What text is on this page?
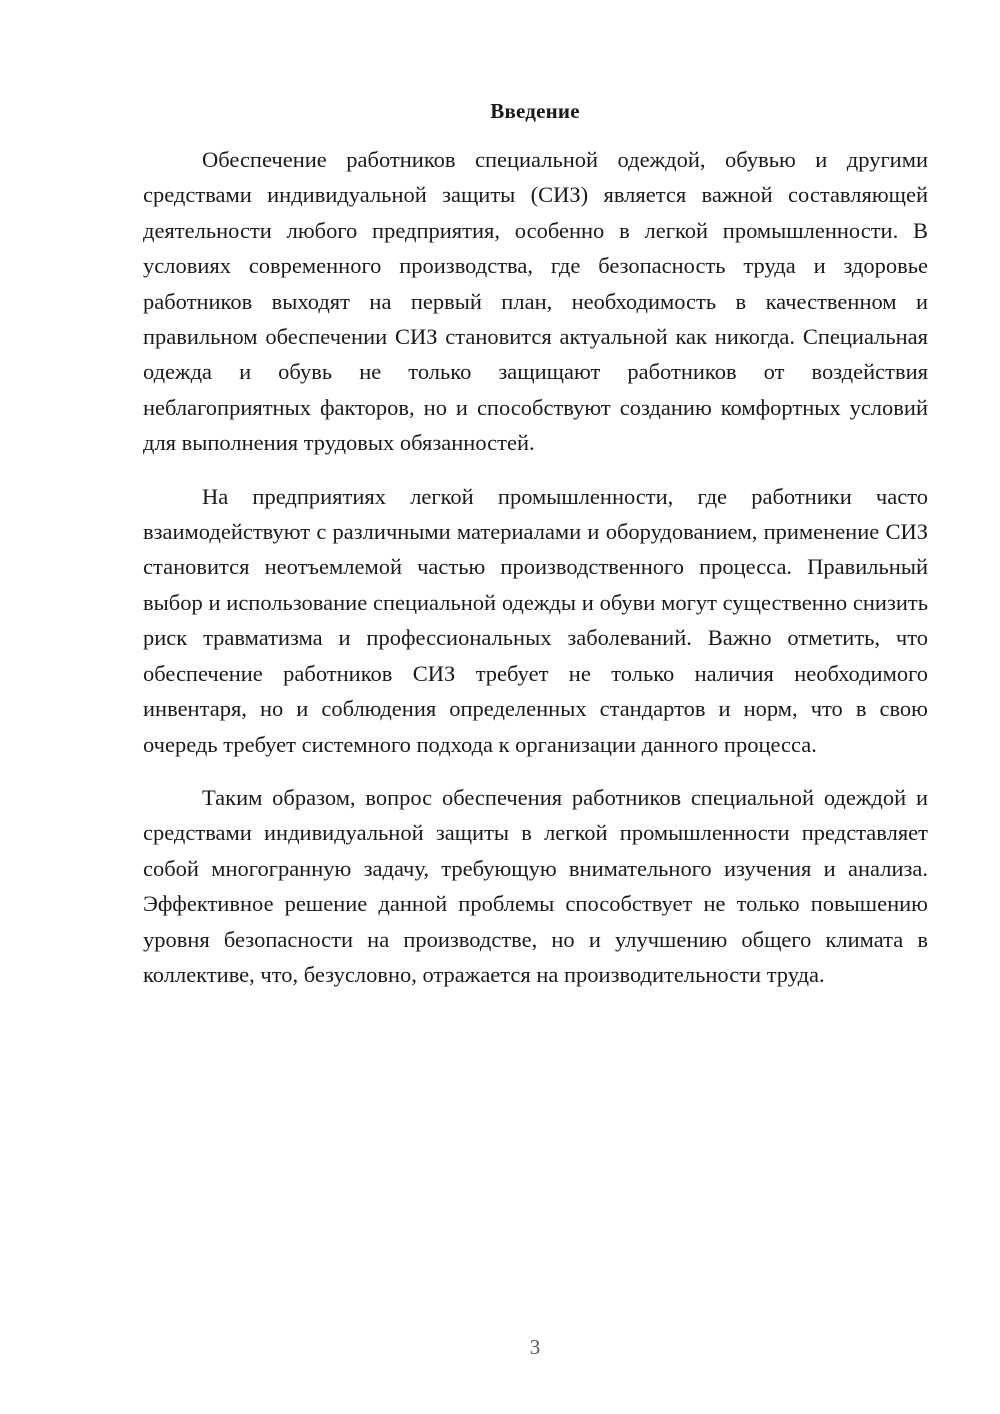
Введение

Обеспечение работников специальной одеждой, обувью и другими средствами индивидуальной защиты (СИЗ) является важной составляющей деятельности любого предприятия, особенно в легкой промышленности. В условиях современного производства, где безопасность труда и здоровье работников выходят на первый план, необходимость в качественном и правильном обеспечении СИЗ становится актуальной как никогда. Специальная одежда и обувь не только защищают работников от воздействия неблагоприятных факторов, но и способствуют созданию комфортных условий для выполнения трудовых обязанностей.

На предприятиях легкой промышленности, где работники часто взаимодействуют с различными материалами и оборудованием, применение СИЗ становится неотъемлемой частью производственного процесса. Правильный выбор и использование специальной одежды и обуви могут существенно снизить риск травматизма и профессиональных заболеваний. Важно отметить, что обеспечение работников СИЗ требует не только наличия необходимого инвентаря, но и соблюдения определенных стандартов и норм, что в свою очередь требует системного подхода к организации данного процесса.

Таким образом, вопрос обеспечения работников специальной одеждой и средствами индивидуальной защиты в легкой промышленности представляет собой многогранную задачу, требующую внимательного изучения и анализа. Эффективное решение данной проблемы способствует не только повышению уровня безопасности на производстве, но и улучшению общего климата в коллективе, что, безусловно, отражается на производительности труда.

3
